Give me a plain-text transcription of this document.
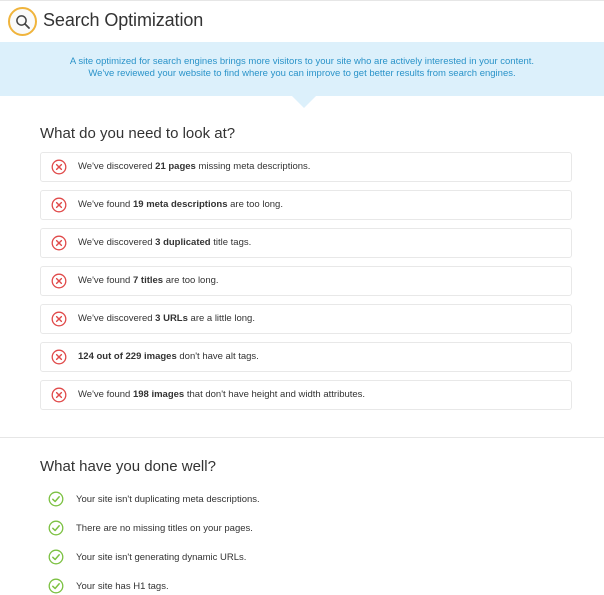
Search Optimization
A site optimized for search engines brings more visitors to your site who are actively interested in your content.
We've reviewed your website to find where you can improve to get better results from search engines.
What do you need to look at?
We've discovered 21 pages missing meta descriptions.
We've found 19 meta descriptions are too long.
We've discovered 3 duplicated title tags.
We've found 7 titles are too long.
We've discovered 3 URLs are a little long.
124 out of 229 images don't have alt tags.
We've found 198 images that don't have height and width attributes.
What have you done well?
Your site isn't duplicating meta descriptions.
There are no missing titles on your pages.
Your site isn't generating dynamic URLs.
Your site has H1 tags.
